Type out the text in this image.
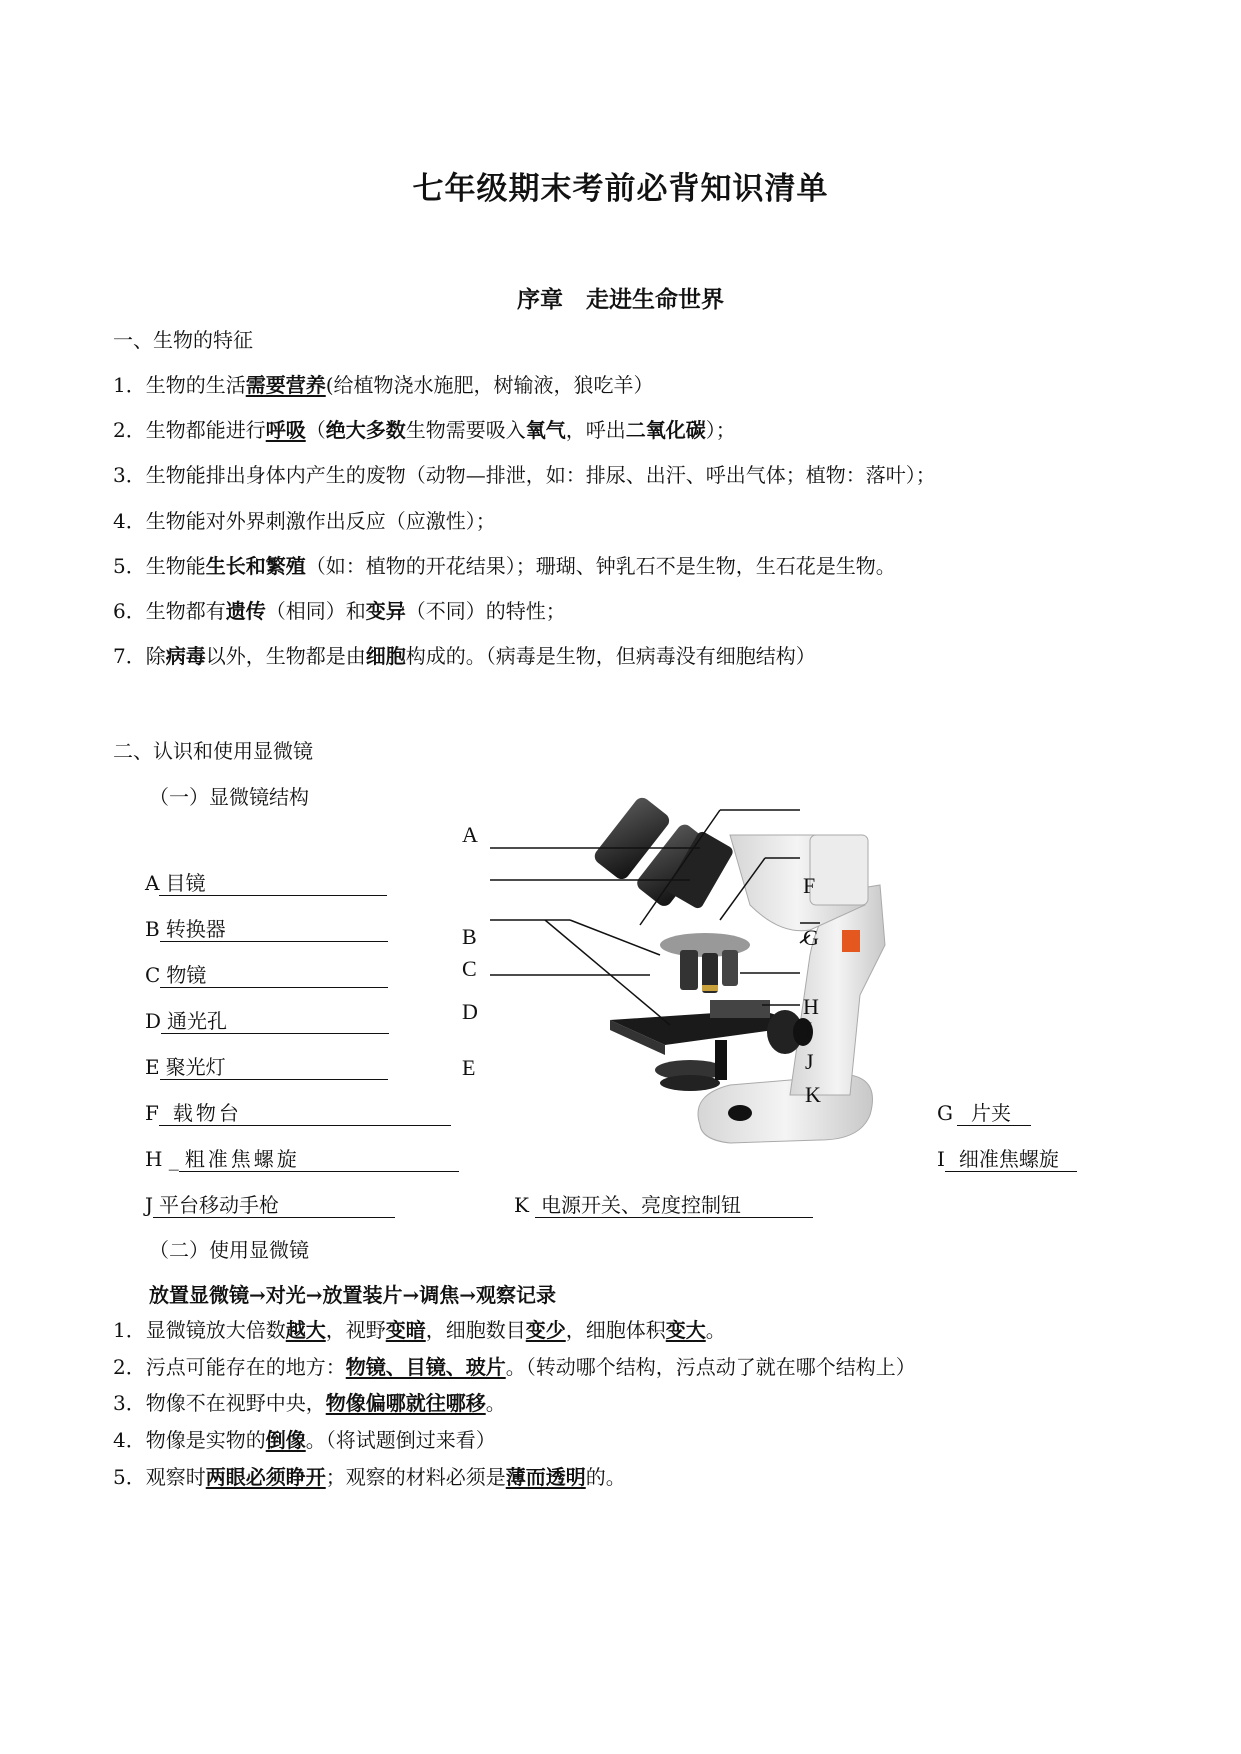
七年级期末考前必背知识清单
序章　走进生命世界
一、生物的特征
1．生物的生活需要营养(给植物浇水施肥，树输液，狼吃羊）
2．生物都能进行呼吸（绝大多数生物需要吸入氧气，呼出二氧化碳）；
3．生物能排出身体内产生的废物（动物—排泄，如：排尿、出汗、呼出气体；植物：落叶）；
4．生物能对外界刺激作出反应（应激性）；
5．生物能生长和繁殖（如：植物的开花结果）；珊瑚、钟乳石不是生物，生石花是生物。
6．生物都有遗传（相同）和变异（不同）的特性；
7．除病毒以外，生物都是由细胞构成的。（病毒是生物，但病毒没有细胞结构）
二、认识和使用显微镜
（一）显微镜结构
A 目镜
B 转换器
C 物镜
D 通光孔
E 聚光灯
F 载物台
H _ 粗准焦螺旋
J 平台移动手枪	K 电源开关、亮度控制钮
G 片夹
I 细准焦螺旋
A
B
C
D
E
F
G
H
I
J
K
（二）使用显微镜
放置显微镜→对光→放置装片→调焦→观察记录
1．显微镜放大倍数越大，视野变暗，细胞数目变少，细胞体积变大。
2．污点可能存在的地方：物镜、目镜、玻片。（转动哪个结构，污点动了就在哪个结构上）
3．物像不在视野中央，物像偏哪就往哪移。
4．物像是实物的倒像。（将试题倒过来看）
5．观察时两眼必须睁开；观察的材料必须是薄而透明的。
